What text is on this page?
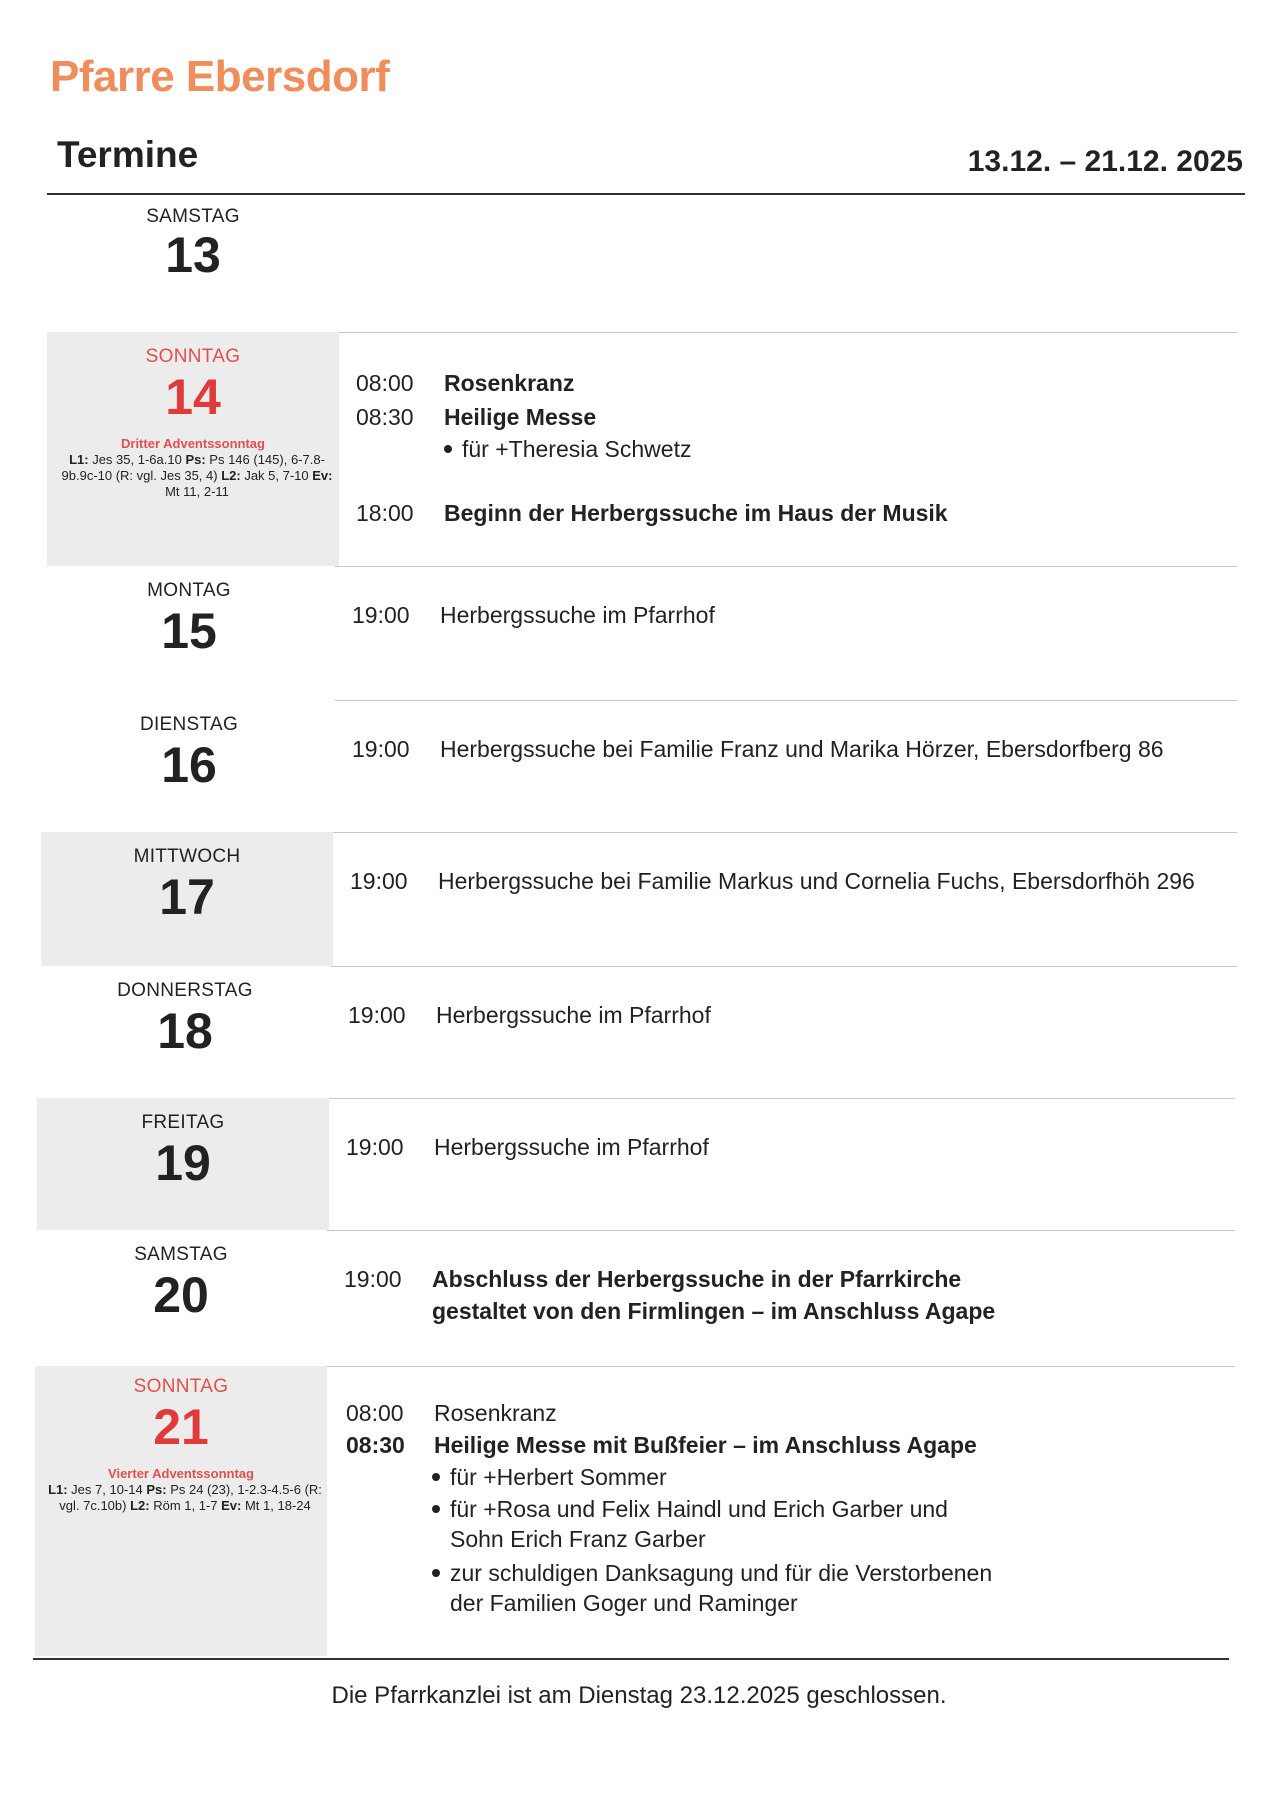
Pfarre Ebersdorf
Termine	13.12. – 21.12. 2025
SAMSTAG
13
SONNTAG
14
Dritter Adventssonntag
L1: Jes 35, 1-6a.10 Ps: Ps 146 (145), 6-7.8-9b.9c-10 (R: vgl. Jes 35, 4) L2: Jak 5, 7-10 Ev: Mt 11, 2-11
08:00 Rosenkranz
08:30 Heilige Messe
für +Theresia Schwetz
18:00 Beginn der Herbergssuche im Haus der Musik
MONTAG
15	19:00 Herbergssuche im Pfarrhof
DIENSTAG
16	19:00 Herbergssuche bei Familie Franz und Marika Hörzer, Ebersdorfberg 86
MITTWOCH
17	19:00 Herbergssuche bei Familie Markus und Cornelia Fuchs, Ebersdorfhöh 296
DONNERSTAG
18	19:00 Herbergssuche im Pfarrhof
FREITAG
19	19:00 Herbergssuche im Pfarrhof
SAMSTAG
20	19:00 Abschluss der Herbergssuche in der Pfarrkirche
gestaltet von den Firmlingen – im Anschluss Agape
SONNTAG
21
Vierter Adventssonntag
L1: Jes 7, 10-14 Ps: Ps 24 (23), 1-2.3-4.5-6 (R: vgl. 7c.10b) L2: Röm 1, 1-7 Ev: Mt 1, 18-24
08:00 Rosenkranz
08:30 Heilige Messe mit Bußfeier – im Anschluss Agape
für +Herbert Sommer
für +Rosa und Felix Haindl und Erich Garber und
Sohn Erich Franz Garber
zur schuldigen Danksagung und für die Verstorbenen
der Familien Goger und Raminger
Die Pfarrkanzlei ist am Dienstag 23.12.2025 geschlossen.
